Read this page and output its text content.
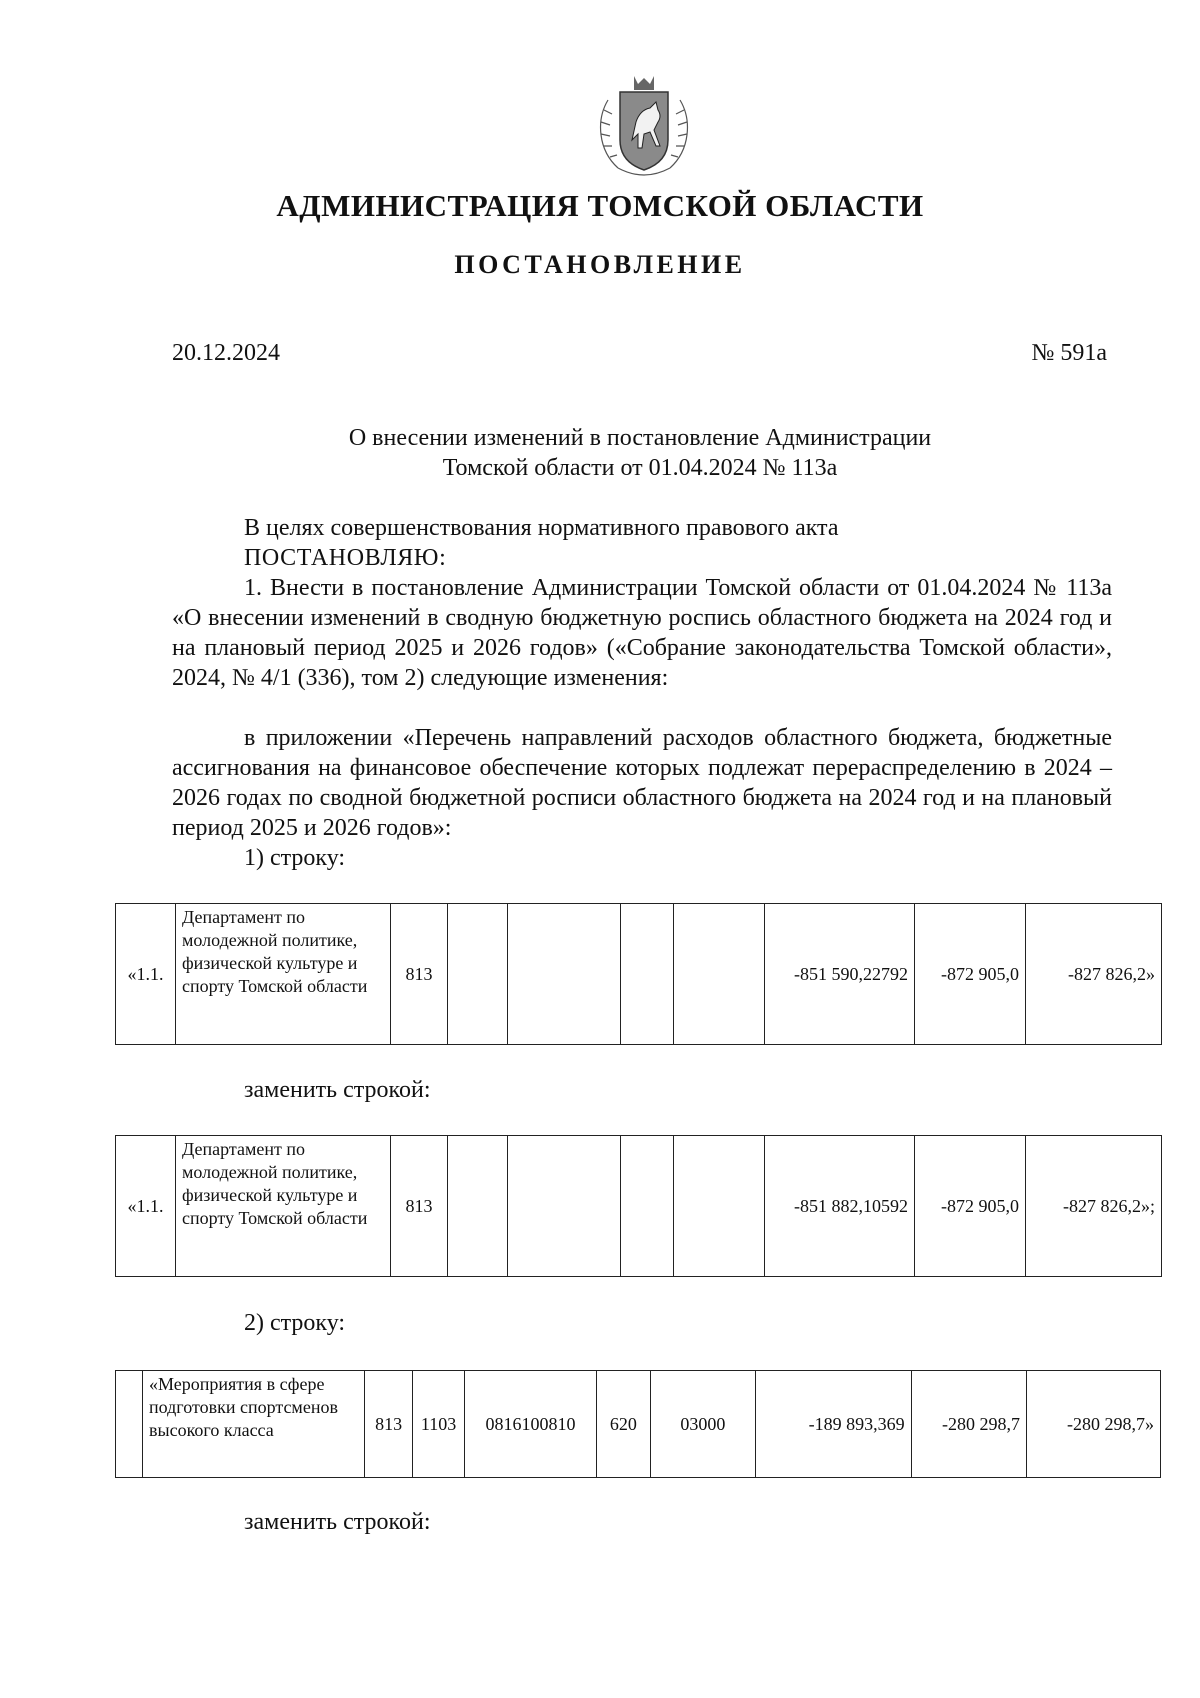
АДМИНИСТРАЦИЯ ТОМСКОЙ ОБЛАСТИ
ПОСТАНОВЛЕНИЕ
20.12.2024	№ 591а
О внесении изменений в постановление Администрации
Томской области от 01.04.2024 № 113а
В целях совершенствования нормативного правового акта
ПОСТАНОВЛЯЮ:

1. Внести в постановление Администрации Томской области от 01.04.2024 № 113а «О внесении изменений в сводную бюджетную роспись областного бюджета на 2024 год и на плановый период 2025 и 2026 годов» («Собрание законодательства Томской области», 2024, № 4/1 (336), том 2) следующие изменения:

в приложении «Перечень направлений расходов областного бюджета, бюджетные ассигнования на финансовое обеспечение которых подлежат перераспределению в 2024 – 2026 годах по сводной бюджетной росписи областного бюджета на 2024 год и на плановый период 2025 и 2026 годов»:

1) строку:
«1.1.	Департамент по молодежной политике, физической культуре и спорту Томской области	813					-851 590,22792	-872 905,0	-827 826,2»
заменить строкой:
«1.1.	Департамент по молодежной политике, физической культуре и спорту Томской области	813					-851 882,10592	-872 905,0	-827 826,2»;
2) строку:
	«Мероприятия в сфере подготовки спортсменов высокого класса	813	1103	0816100810	620	03000	-189 893,369	-280 298,7	-280 298,7»
заменить строкой:
